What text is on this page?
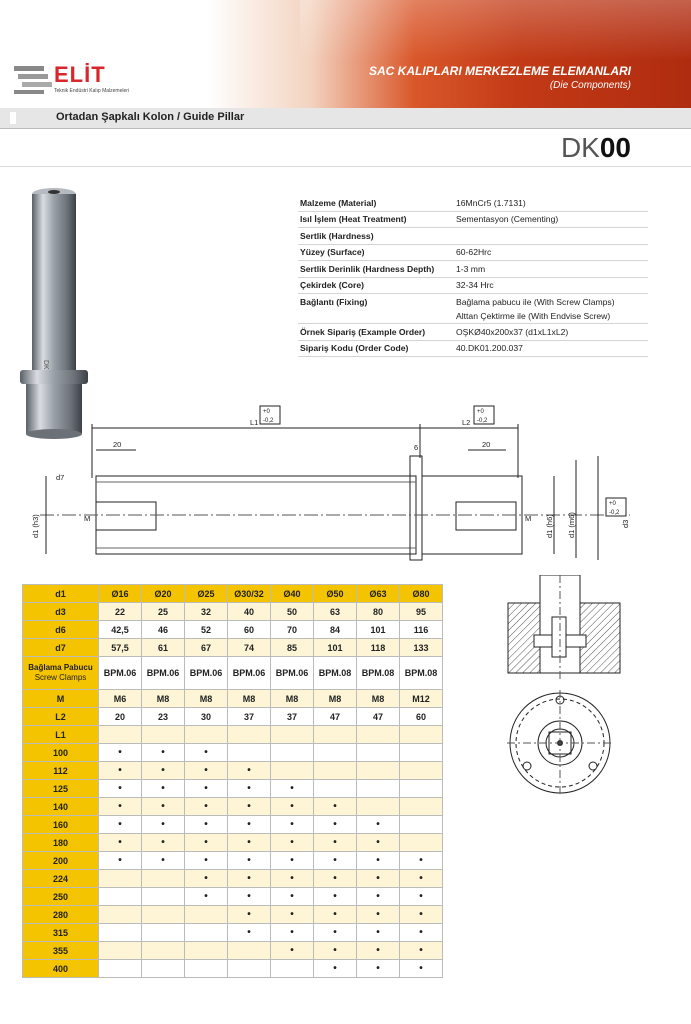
ELİT
Teknik Endüstri Kalıp Malzemeleri
SAC KALIPLARI MERKEZLEME ELEMANLARI
(Die Components)
Ortadan Şapkalı Kolon / Guide Pillar
DK00
DK
Malzeme (Material)	16MnCr5 (1.7131)
Isıl İşlem (Heat Treatment)	Sementasyon (Cementing)
Sertlik (Hardness)	
Yüzey (Surface)	60-62Hrc
Sertlik Derinlik (Hardness Depth)	1-3 mm
Çekirdek (Core)	32-34 Hrc
Bağlantı (Fixing)	Bağlama pabucu ile (With Screw Clamps)
Alttan Çektirme ile (With Endvise Screw)

Örnek Sipariş (Example Order)	OŞKØ40x200x37 (d1xL1xL2)
Sipariş Kodu (Order Code)	40.DK01.200.037
L1	L2
20	20
6
d7
M	M
d1 (h3)	d1 (h6) d1 (m6)	d3
+0
-0,2
+0
-0,2
+0
-0,2
d1	Ø16	Ø20	Ø25	Ø30/32	Ø40	Ø50	Ø63	Ø80
d3	22	25	32	40	50	63	80	95
d6	42,5	46	52	60	70	84	101	116
d7	57,5	61	67	74	85	101	118	133

Bağlama Pabucu
Screw Clamps	BPM.06	BPM.06	BPM.06	BPM.06	BPM.06	BPM.08	BPM.08	BPM.08
M	M6	M8	M8	M8	M8	M8	M8	M12
L2	20	23	30	37	37	47	47	60
L1								
100	•	•	•					
112	•	•	•	•				
125	•	•	•	•	•			
140	•	•	•	•	•	•		
160	•	•	•	•	•	•	•	
180	•	•	•	•	•	•	•	
200	•	•	•	•	•	•	•	•
224			•	•	•	•	•	•
250			•	•	•	•	•	•
280				•	•	•	•	•
315				•	•	•	•	•
355					•	•	•	•
400						•	•	•
